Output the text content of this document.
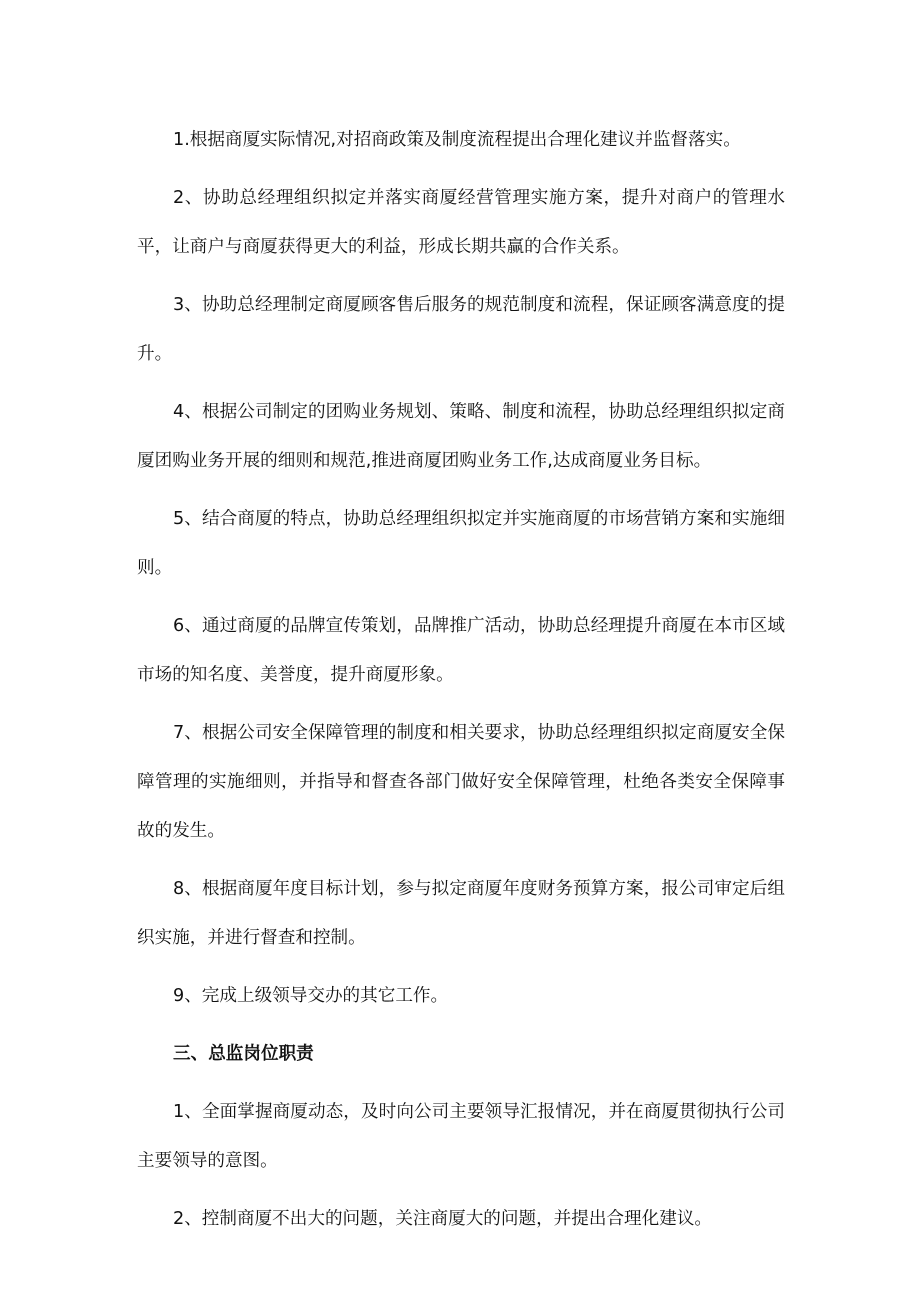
1.根据商厦实际情况,对招商政策及制度流程提出合理化建议并监督落实。

2、协助总经理组织拟定并落实商厦经营管理实施方案，提升对商户的管理水平，让商户与商厦获得更大的利益，形成长期共赢的合作关系。

3、协助总经理制定商厦顾客售后服务的规范制度和流程，保证顾客满意度的提升。

4、根据公司制定的团购业务规划、策略、制度和流程，协助总经理组织拟定商厦团购业务开展的细则和规范,推进商厦团购业务工作,达成商厦业务目标。

5、结合商厦的特点，协助总经理组织拟定并实施商厦的市场营销方案和实施细则。

6、通过商厦的品牌宣传策划，品牌推广活动，协助总经理提升商厦在本市区域市场的知名度、美誉度，提升商厦形象。

7、根据公司安全保障管理的制度和相关要求，协助总经理组织拟定商厦安全保障管理的实施细则，并指导和督查各部门做好安全保障管理，杜绝各类安全保障事故的发生。

8、根据商厦年度目标计划，参与拟定商厦年度财务预算方案，报公司审定后组织实施，并进行督查和控制。

9、完成上级领导交办的其它工作。

三、总监岗位职责

1、全面掌握商厦动态，及时向公司主要领导汇报情况，并在商厦贯彻执行公司主要领导的意图。

2、控制商厦不出大的问题，关注商厦大的问题，并提出合理化建议。
